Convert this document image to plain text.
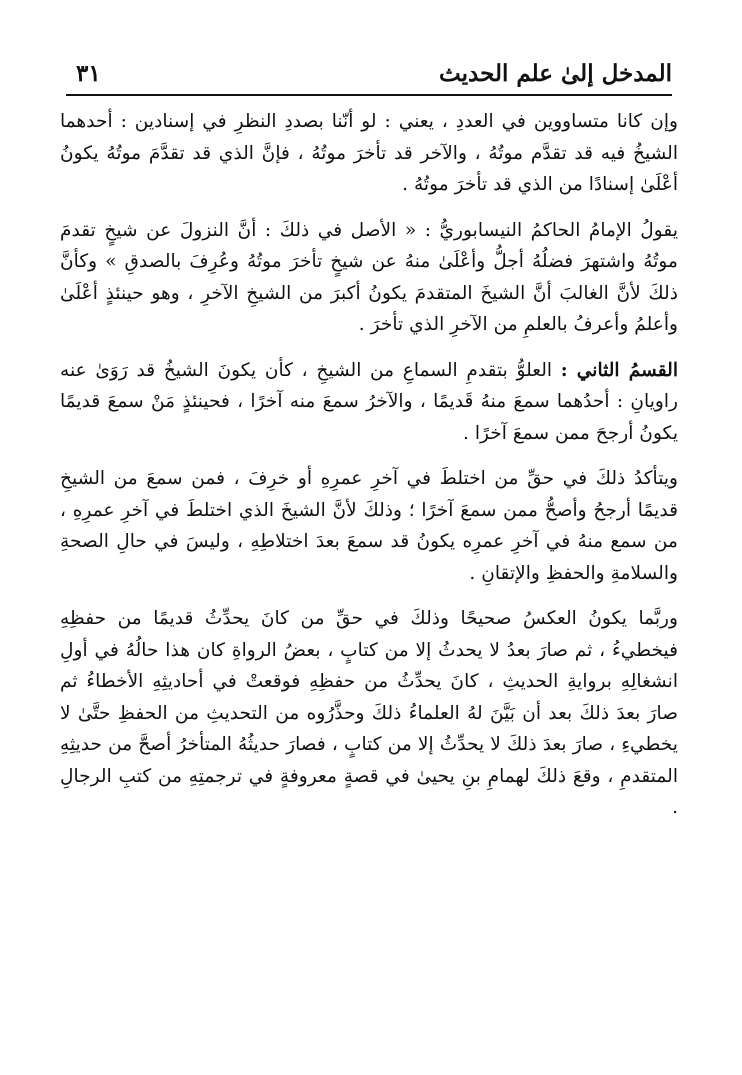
المدخل إلىٰ علم الحديث
٣١

وإن كانا متساووين في العددِ ، يعني : لو أنّنا بصددِ النظرِ في إسنادين : أحدهما الشيخُ فيه قد تقدَّم موتُهُ ، والآخر قد تأخرَ موتُهُ ، فإنَّ الذي قد تقدَّمَ موتُهُ يكونُ أعْلَىٰ إسنادًا من الذي قد تأخرَ موتُهُ .

يقولُ الإمامُ الحاكمُ النيسابوريُّ : « الأصل في ذلكَ : أنَّ النزولَ عن شيخٍ تقدمَ موتُهُ واشتهرَ فضلُهُ أجلُّ وأعْلَىٰ منهُ عن شيخٍ تأخرَ موتُهُ وعُرِفَ بالصدقِ » وكأنَّ ذلكَ لأنَّ الغالبَ أنَّ الشيخَ المتقدمَ يكونُ أكبرَ من الشيخِ الآخرِ ، وهو حينئذٍ أعْلَىٰ وأعلمُ وأعرفُ بالعلمِ من الآخرِ الذي تأخرَ .

القسمُ الثاني : العلوُّ بتقدمِ السماعِ من الشيخِ ، كأن يكونَ الشيخُ قد رَوَىٰ عنه راويانِ : أحدُهما سمعَ منهُ قَديمًا ، والآخرُ سمعَ منه آخرًا ، فحينئذٍ مَنْ سمعَ قديمًا يكونُ أرجحَ ممن سمعَ آخرًا .

ويتأكدُ ذلكَ في حقِّ من اختلطَ في آخرِ عمرِهِ أو خرِفَ ، فمن سمعَ من الشيخِ قديمًا أرجحُ وأصحُّ ممن سمعَ آخرًا ؛ وذلكَ لأنَّ الشيخَ الذي اختلطَ في آخرِ عمرِهِ ، من سمع منهُ في آخرِ عمرِه يكونُ قد سمعَ بعدَ اختلاطِهِ ، وليسَ في حالِ الصحةِ والسلامةِ والحفظِ والإتقانِ .

وربَّما يكونُ العكسُ صحيحًا وذلكَ في حقِّ من كانَ يحدِّثُ قديمًا من حفظِهِ فيخطيءُ ، ثم صارَ بعدُ لا يحدثُ إلا من كتابٍ ، بعضُ الرواةِ كان هذا حالُهُ في أولِ انشغالِهِ بروايةِ الحديثِ ، كانَ يحدِّثُ من حفظِهِ فوقعتْ في أحاديثِهِ الأخطاءُ ثم صارَ بعدَ ذلكَ بعد أن بَيَّنَ لهُ العلماءُ ذلكَ وحذَّرُوه من التحديثِ من الحفظِ حتَّىٰ لا يخطيءِ ، صارَ بعدَ ذلكَ لا يحدِّثُ إلا من كتابٍ ، فصارَ حديثُهُ المتأخرُ أصحَّ من حديثِهِ المتقدمِ ، وقعَ ذلكَ لهمامِ بنِ يحيىٰ في قصةٍ معروفةٍ في ترجمتِهِ من كتبِ الرجالِ .
